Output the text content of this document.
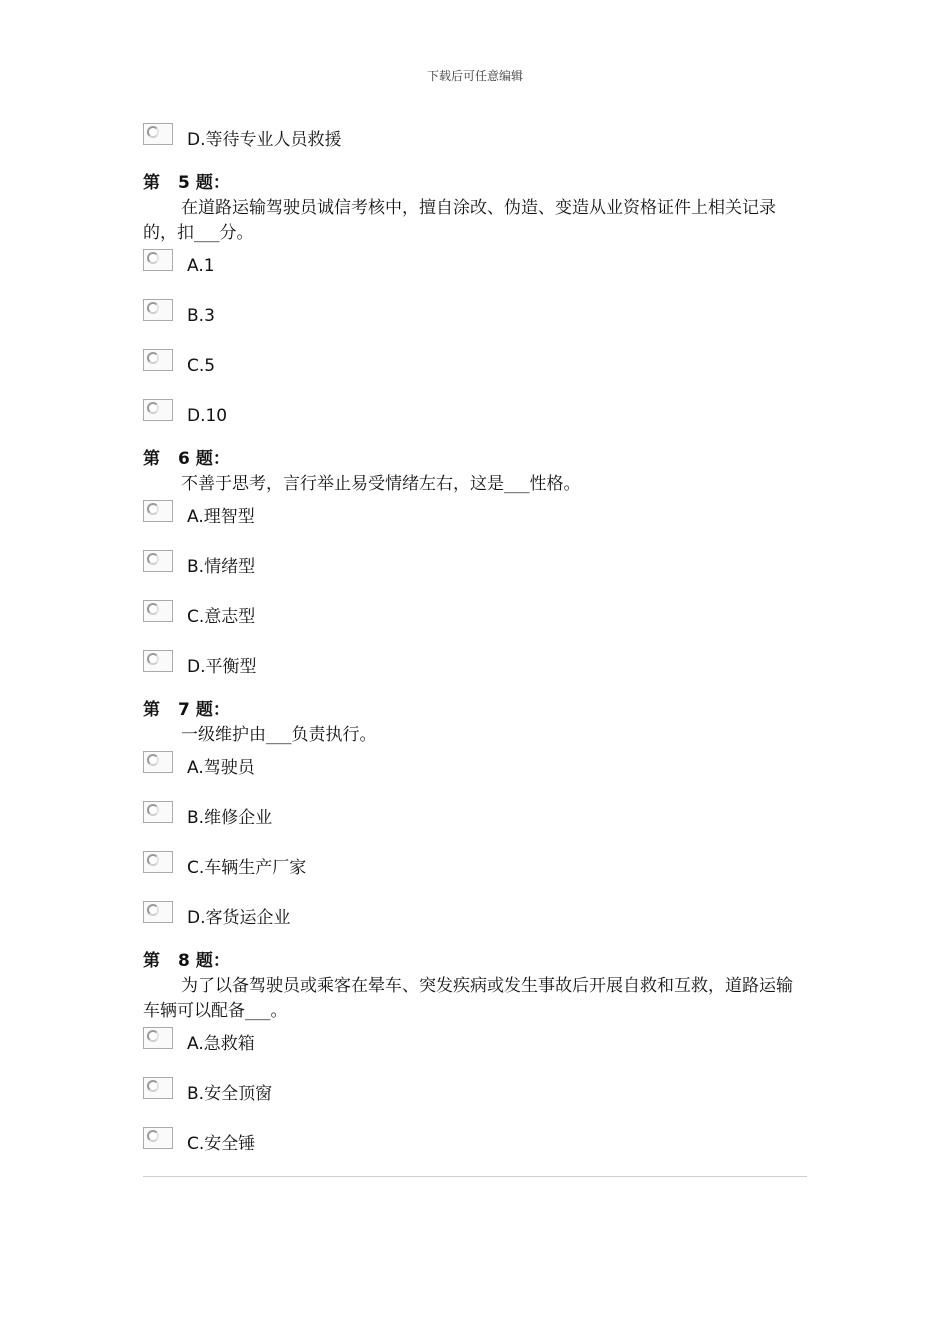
下载后可任意编辑
D.等待专业人员救援
第 5 题：

在道路运输驾驶员诚信考核中，擅自涂改、伪造、变造从业资格证件上相关记录的，扣___分。

A.1
B.3
C.5
D.10
第 6 题：

不善于思考，言行举止易受情绪左右，这是___性格。

A.理智型
B.情绪型
C.意志型
D.平衡型
第 7 题：

一级维护由___负责执行。

A.驾驶员
B.维修企业
C.车辆生产厂家
D.客货运企业
第 8 题：

为了以备驾驶员或乘客在晕车、突发疾病或发生事故后开展自救和互救，道路运输车辆可以配备___。

A.急救箱
B.安全顶窗
C.安全锤
